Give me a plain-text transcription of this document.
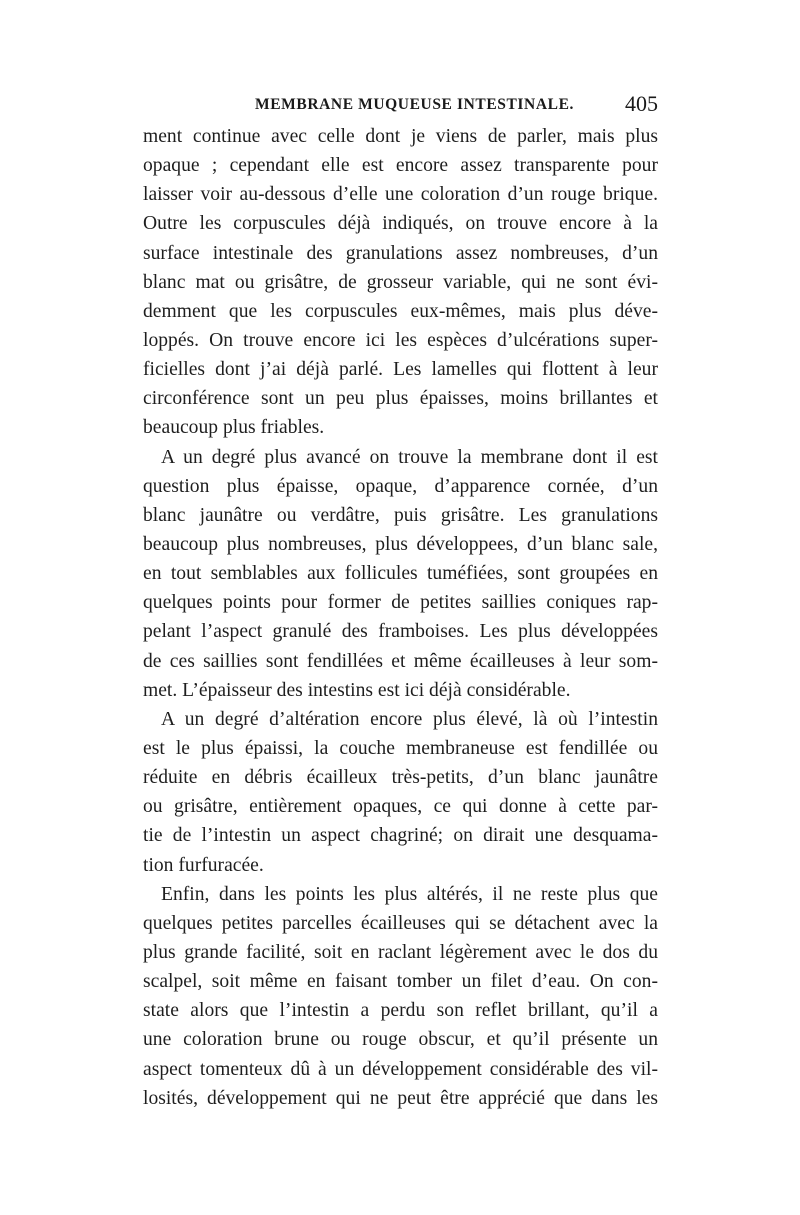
MEMBRANE MUQUEUSE INTESTINALE. 405
ment continue avec celle dont je viens de parler, mais plus
opaque ; cependant elle est encore assez transparente pour
laisser voir au-dessous d’elle une coloration d’un rouge brique.
Outre les corpuscules déjà indiqués, on trouve encore à la
surface intestinale des granulations assez nombreuses, d’un
blanc mat ou grisâtre, de grosseur variable, qui ne sont évi-
demment que les corpuscules eux-mêmes, mais plus déve-
loppés. On trouve encore ici les espèces d’ulcérations super-
ficielles dont j’ai déjà parlé. Les lamelles qui flottent à leur
circonférence sont un peu plus épaisses, moins brillantes et
beaucoup plus friables.
A un degré plus avancé on trouve la membrane dont il est
question plus épaisse, opaque, d’apparence cornée, d’un
blanc jaunâtre ou verdâtre, puis grisâtre. Les granulations
beaucoup plus nombreuses, plus développees, d’un blanc sale,
en tout semblables aux follicules tuméfiées, sont groupées en
quelques points pour former de petites saillies coniques rap-
pelant l’aspect granulé des framboises. Les plus développées
de ces saillies sont fendillées et même écailleuses à leur som-
met. L’épaisseur des intestins est ici déjà considérable.
A un degré d’altération encore plus élevé, là où l’intestin
est le plus épaissi, la couche membraneuse est fendillée ou
réduite en débris écailleux très-petits, d’un blanc jaunâtre
ou grisâtre, entièrement opaques, ce qui donne à cette par-
tie de l’intestin un aspect chagriné; on dirait une desquama-
tion furfuracée.
Enfin, dans les points les plus altérés, il ne reste plus que
quelques petites parcelles écailleuses qui se détachent avec la
plus grande facilité, soit en raclant légèrement avec le dos du
scalpel, soit même en faisant tomber un filet d’eau. On con-
state alors que l’intestin a perdu son reflet brillant, qu’il a
une coloration brune ou rouge obscur, et qu’il présente un
aspect tomenteux dû à un développement considérable des vil-
losités, développement qui ne peut être apprécié que dans les
